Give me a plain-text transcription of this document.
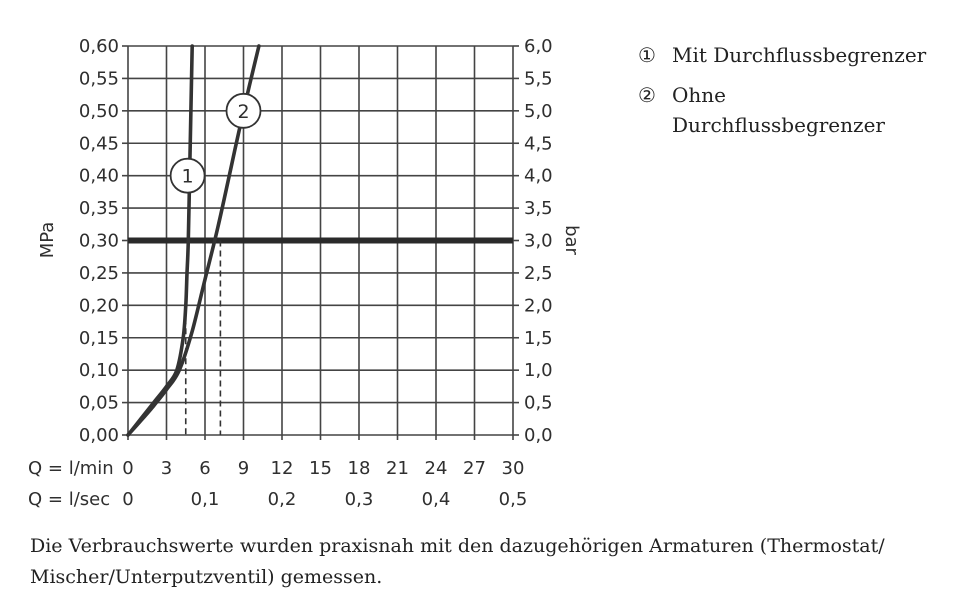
1
2
0,00	0,0
0,05	0,5
0,10	1,0
0,15	1,5
0,20	2,0
0,25	2,5
0,30	3,0
0,35	3,5
0,40	4,0
0,45	4,5
0,50	5,0
0,55	5,5
0,60	6,0
0 3 6 9 12 15 18 21 24 27 30
0	0,1	0,2	0,3	0,4	0,5
MPa	bar
Q = l/min
Q = l/sec
① Mit Durchflussbegrenzer
② Ohne
Durchflussbegrenzer
Die Verbrauchswerte wurden praxisnah mit den dazugehörigen Armaturen (Thermostat/
Mischer/Unterputzventil) gemessen.
